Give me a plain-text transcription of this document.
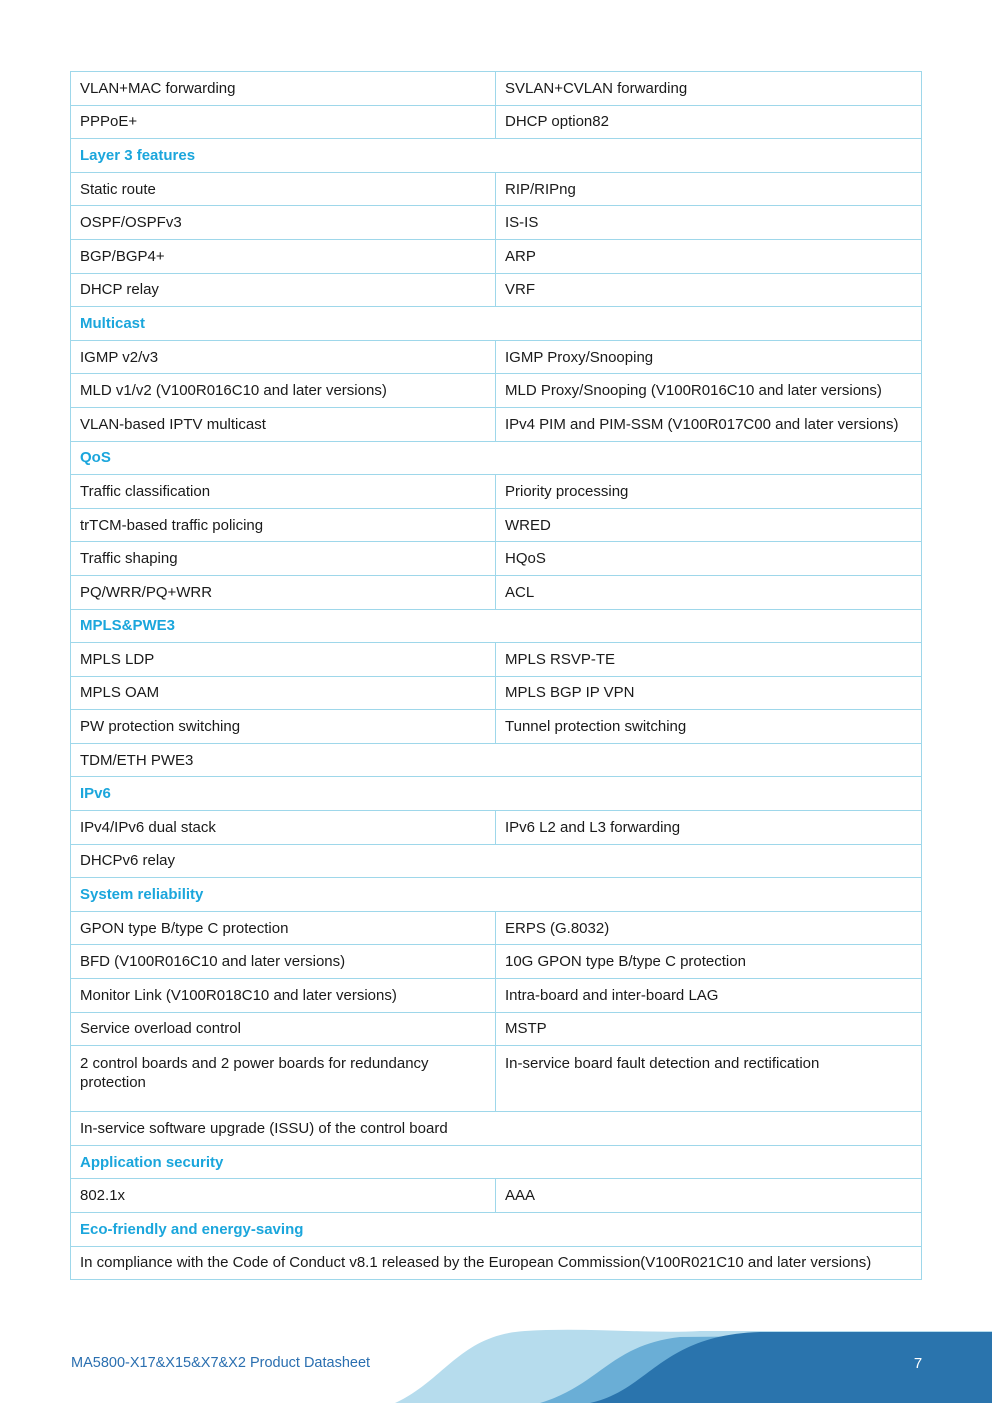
VLAN+MAC forwarding	SVLAN+CVLAN forwarding
PPPoE+	DHCP option82
Layer 3 features	
Static route	RIP/RIPng
OSPF/OSPFv3	IS-IS
BGP/BGP4+	ARP
DHCP relay	VRF
Multicast	
IGMP v2/v3	IGMP Proxy/Snooping
MLD v1/v2 (V100R016C10 and later versions)	MLD Proxy/Snooping (V100R016C10 and later versions)
VLAN-based IPTV multicast	IPv4 PIM and PIM-SSM (V100R017C00 and later versions)
QoS	
Traffic classification	Priority processing
trTCM-based traffic policing	WRED
Traffic shaping	HQoS
PQ/WRR/PQ+WRR	ACL
MPLS&PWE3	
MPLS LDP	MPLS RSVP-TE
MPLS OAM	MPLS BGP IP VPN
PW protection switching	Tunnel protection switching
TDM/ETH PWE3	
IPv6	
IPv4/IPv6 dual stack	IPv6 L2 and L3 forwarding
DHCPv6 relay	
System reliability	
GPON type B/type C protection	ERPS (G.8032)
BFD (V100R016C10 and later versions)	10G GPON type B/type C protection
Monitor Link (V100R018C10 and later versions)	Intra-board and inter-board LAG
Service overload control	MSTP
2 control boards and 2 power boards for redundancy protection	In-service board fault detection and rectification
In-service software upgrade (ISSU) of the control board	
Application security	
802.1x	AAA
Eco-friendly and energy-saving	
In compliance with the Code of Conduct v8.1 released by the European Commission(V100R021C10 and later versions)	
MA5800-X17&X15&X7&X2 Product Datasheet	7
